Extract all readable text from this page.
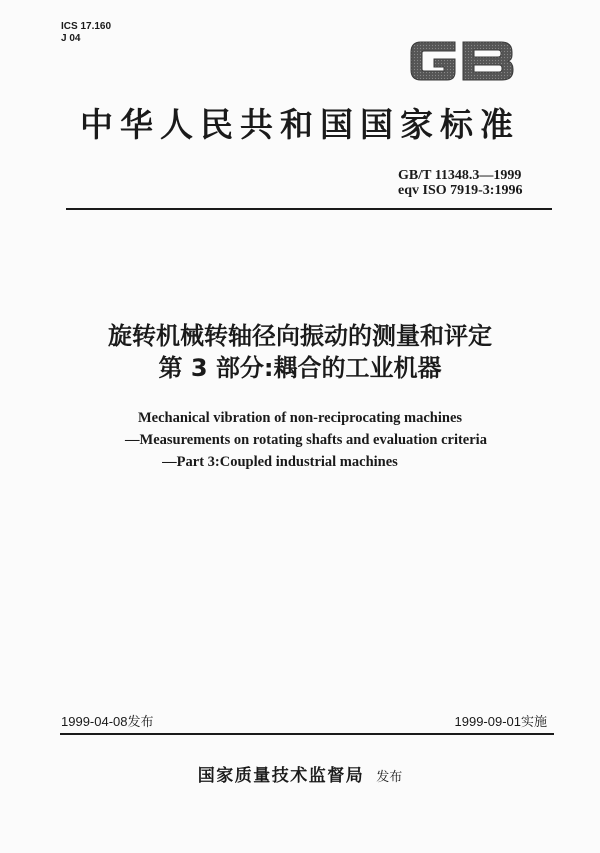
ICS 17.160
J 04
中华人民共和国国家标准
GB/T 11348.3—1999
eqv ISO 7919-3:1996
旋转机械转轴径向振动的测量和评定
第 3 部分:耦合的工业机器
Mechanical vibration of non-reciprocating machines
—Measurements on rotating shafts and evaluation criteria
—Part 3:Coupled industrial machines
1999-04-08发布	1999-09-01实施
国家质量技术监督局 发布
